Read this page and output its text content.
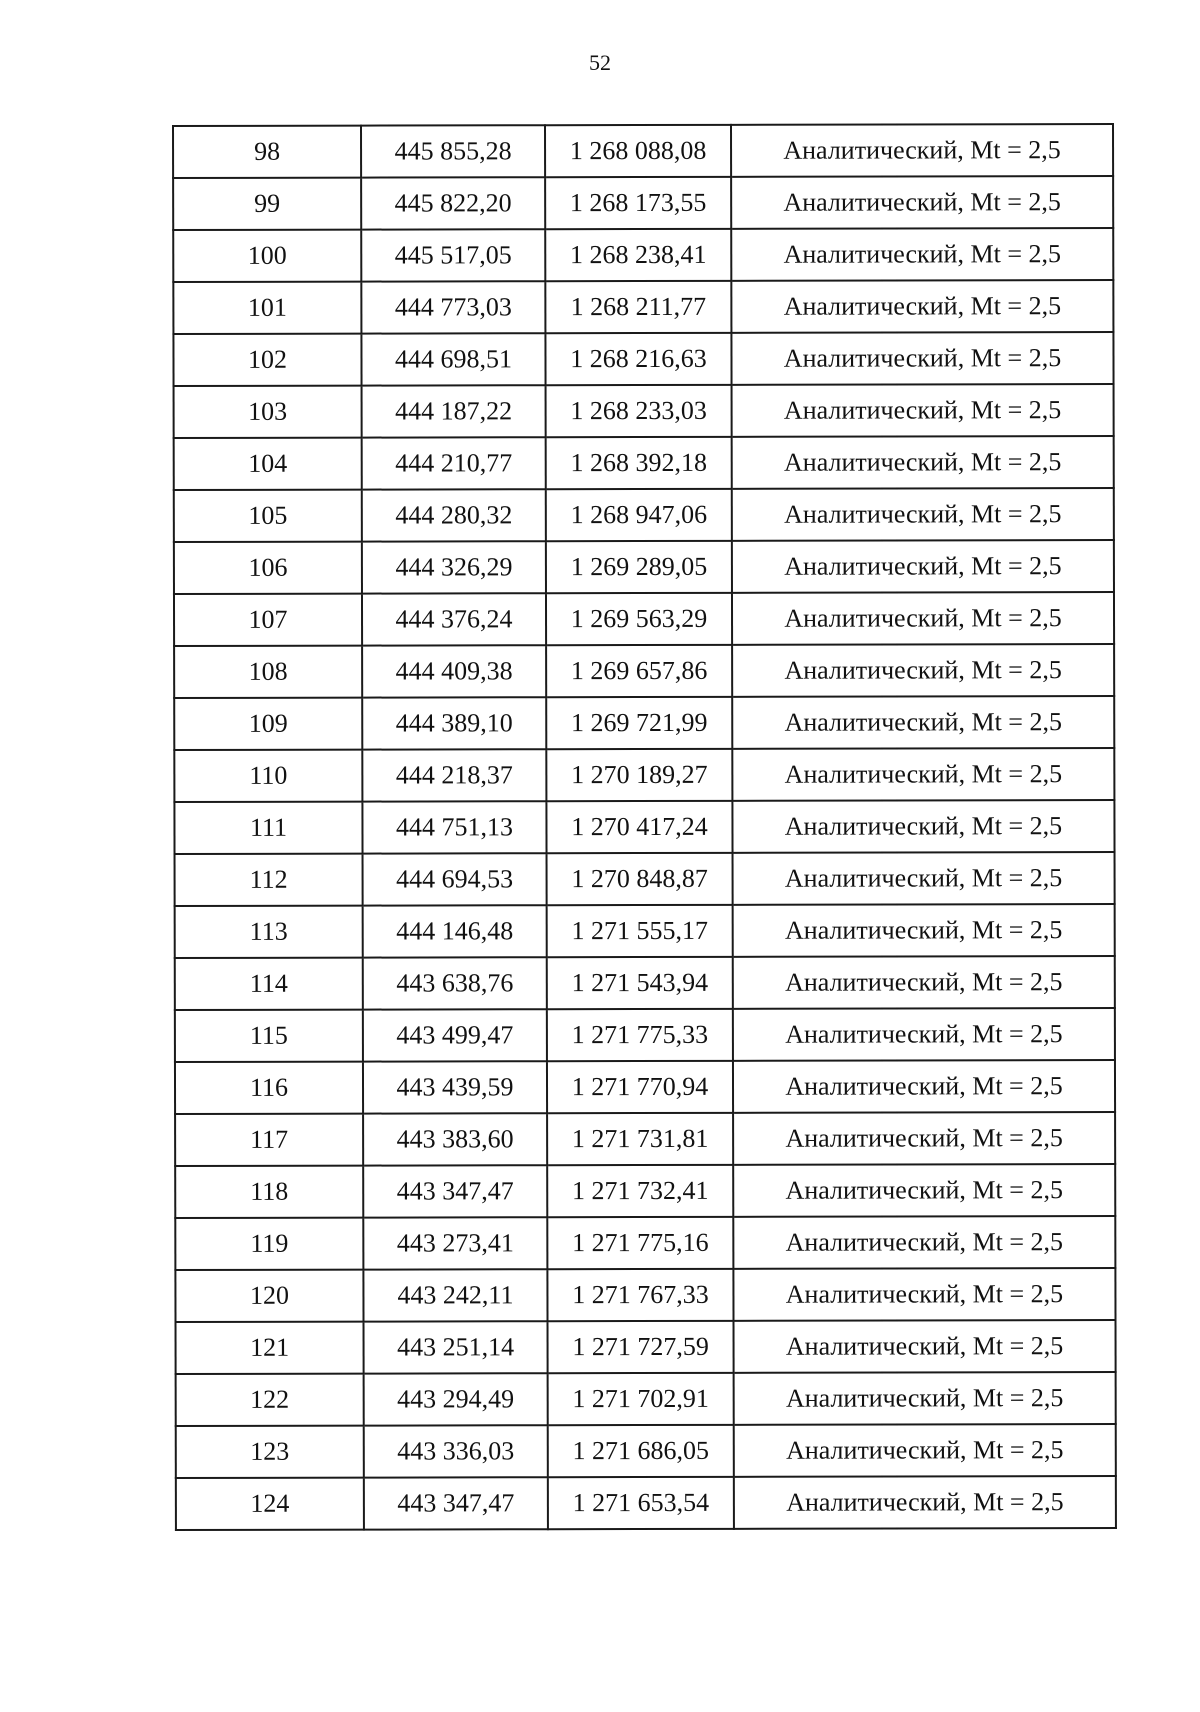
52
98	445 855,28	1 268 088,08	Аналитический, Mt = 2,5
99	445 822,20	1 268 173,55	Аналитический, Mt = 2,5
100	445 517,05	1 268 238,41	Аналитический, Mt = 2,5
101	444 773,03	1 268 211,77	Аналитический, Mt = 2,5
102	444 698,51	1 268 216,63	Аналитический, Mt = 2,5
103	444 187,22	1 268 233,03	Аналитический, Mt = 2,5
104	444 210,77	1 268 392,18	Аналитический, Mt = 2,5
105	444 280,32	1 268 947,06	Аналитический, Mt = 2,5
106	444 326,29	1 269 289,05	Аналитический, Mt = 2,5
107	444 376,24	1 269 563,29	Аналитический, Mt = 2,5
108	444 409,38	1 269 657,86	Аналитический, Mt = 2,5
109	444 389,10	1 269 721,99	Аналитический, Mt = 2,5
110	444 218,37	1 270 189,27	Аналитический, Mt = 2,5
111	444 751,13	1 270 417,24	Аналитический, Mt = 2,5
112	444 694,53	1 270 848,87	Аналитический, Mt = 2,5
113	444 146,48	1 271 555,17	Аналитический, Mt = 2,5
114	443 638,76	1 271 543,94	Аналитический, Mt = 2,5
115	443 499,47	1 271 775,33	Аналитический, Mt = 2,5
116	443 439,59	1 271 770,94	Аналитический, Mt = 2,5
117	443 383,60	1 271 731,81	Аналитический, Mt = 2,5
118	443 347,47	1 271 732,41	Аналитический, Mt = 2,5
119	443 273,41	1 271 775,16	Аналитический, Mt = 2,5
120	443 242,11	1 271 767,33	Аналитический, Mt = 2,5
121	443 251,14	1 271 727,59	Аналитический, Mt = 2,5
122	443 294,49	1 271 702,91	Аналитический, Mt = 2,5
123	443 336,03	1 271 686,05	Аналитический, Mt = 2,5
124	443 347,47	1 271 653,54	Аналитический, Mt = 2,5
